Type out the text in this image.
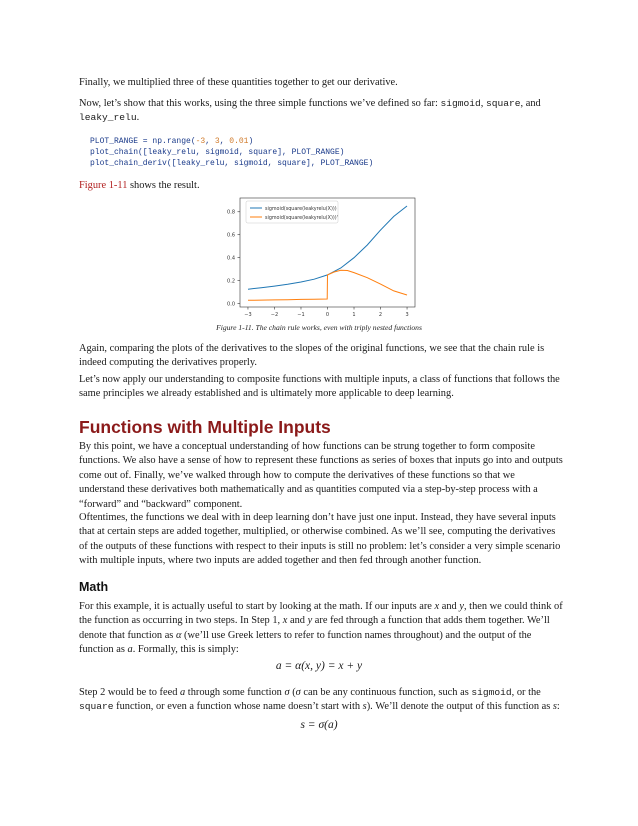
Finally, we multiplied three of these quantities together to get our derivative.

Now, let’s show that this works, using the three simple functions we’ve defined so far: sigmoid, square, and
leaky_relu.

PLOT_RANGE = np.range(-3, 3, 0.01)
plot_chain([leaky_relu, sigmoid, square], PLOT_RANGE)
plot_chain_deriv([leaky_relu, sigmoid, square], PLOT_RANGE)

Figure 1-11 shows the result.

−3	−2	−1	0	1	2	3
0.0
0.2
0.4
0.6
0.8
sigmoid(square(leakyrelu(X)))
sigmoid(square(leakyrelu(X)))'
Figure 1-11. The chain rule works, even with triply nested functions

Again, comparing the plots of the derivatives to the slopes of the original functions, we see that the chain rule is indeed computing the derivatives properly.

Let’s now apply our understanding to composite functions with multiple inputs, a class of functions that follows the same principles we already established and is ultimately more applicable to deep learning.

Functions with Multiple Inputs

By this point, we have a conceptual understanding of how functions can be strung together to form composite functions. We also have a sense of how to represent these functions as series of boxes that inputs go into and outputs come out of. Finally, we’ve walked through how to compute the derivatives of these functions so that we understand these derivatives both mathematically and as quantities computed via a step-by-step process with a “forward” and “backward” component.

Oftentimes, the functions we deal with in deep learning don’t have just one input. Instead, they have several inputs that at certain steps are added together, multiplied, or otherwise combined. As we’ll see, computing the derivatives of the outputs of these functions with respect to their inputs is still no problem: let’s consider a very simple scenario with multiple inputs, where two inputs are added together and then fed through another function.

Math

For this example, it is actually useful to start by looking at the math. If our inputs are x and y, then we could think of the function as occurring in two steps. In Step 1, x and y are fed through a function that adds them together. We’ll denote that function as α (we’ll use Greek letters to refer to function names throughout) and the output of the function as a. Formally, this is simply:

a = α(x, y) = x + y

Step 2 would be to feed a through some function σ (σ can be any continuous function, such as sigmoid, or the square function, or even a function whose name doesn’t start with s). We’ll denote the output of this function as s:

s = σ(a)
